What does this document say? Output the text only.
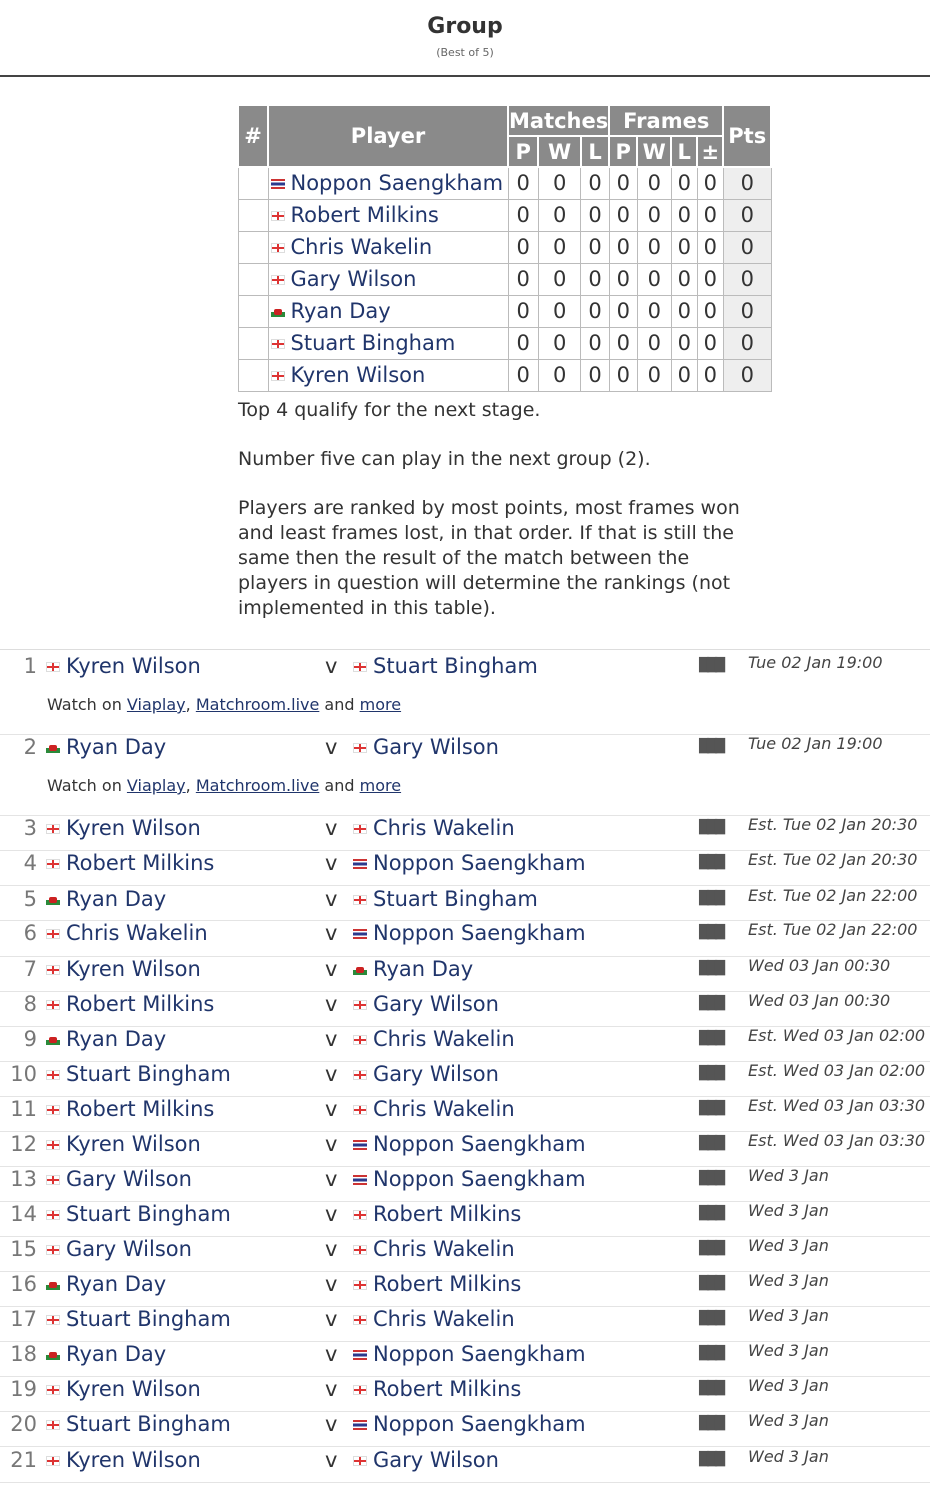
Group
(Best of 5)
#	Player	Matches			Frames				Pts
		P	W	L	P	W	L	±	
	Noppon Saengkham	0	0	0	0	0	0	0	0
	Robert Milkins	0	0	0	0	0	0	0	0
	Chris Wakelin	0	0	0	0	0	0	0	0
	Gary Wilson	0	0	0	0	0	0	0	0
	Ryan Day	0	0	0	0	0	0	0	0
	Stuart Bingham	0	0	0	0	0	0	0	0
	Kyren Wilson	0	0	0	0	0	0	0	0

Top 4 qualify for the next stage.

Number five can play in the next group (2).

Players are ranked by most points, most frames won and least frames lost, in that order. If that is still the same then the result of the match between the players in question will determine the rankings (not implemented in this table).

1	Kyren Wilson	v	Stuart Bingham	███ Tue 02 Jan 19:00
Watch on Viaplay, Matchroom.live and more
2	Ryan Day	v	Gary Wilson	███ Tue 02 Jan 19:00
Watch on Viaplay, Matchroom.live and more
3	Kyren Wilson	v	Chris Wakelin	███ Est. Tue 02 Jan 20:30
4	Robert Milkins	v	Noppon Saengkham	███ Est. Tue 02 Jan 20:30
5	Ryan Day	v	Stuart Bingham	███ Est. Tue 02 Jan 22:00
6	Chris Wakelin	v	Noppon Saengkham	███ Est. Tue 02 Jan 22:00
7	Kyren Wilson	v	Ryan Day	███ Wed 03 Jan 00:30
8	Robert Milkins	v	Gary Wilson	███ Wed 03 Jan 00:30
9	Ryan Day	v	Chris Wakelin	███ Est. Wed 03 Jan 02:00
10	Stuart Bingham	v	Gary Wilson	███ Est. Wed 03 Jan 02:00
11	Robert Milkins	v	Chris Wakelin	███ Est. Wed 03 Jan 03:30
12	Kyren Wilson	v	Noppon Saengkham	███ Est. Wed 03 Jan 03:30
13	Gary Wilson	v	Noppon Saengkham	███ Wed 3 Jan
14	Stuart Bingham	v	Robert Milkins	███ Wed 3 Jan
15	Gary Wilson	v	Chris Wakelin	███ Wed 3 Jan
16	Ryan Day	v	Robert Milkins	███ Wed 3 Jan
17	Stuart Bingham	v	Chris Wakelin	███ Wed 3 Jan
18	Ryan Day	v	Noppon Saengkham	███ Wed 3 Jan
19	Kyren Wilson	v	Robert Milkins	███ Wed 3 Jan
20	Stuart Bingham	v	Noppon Saengkham	███ Wed 3 Jan
21	Kyren Wilson	v	Gary Wilson	███ Wed 3 Jan
